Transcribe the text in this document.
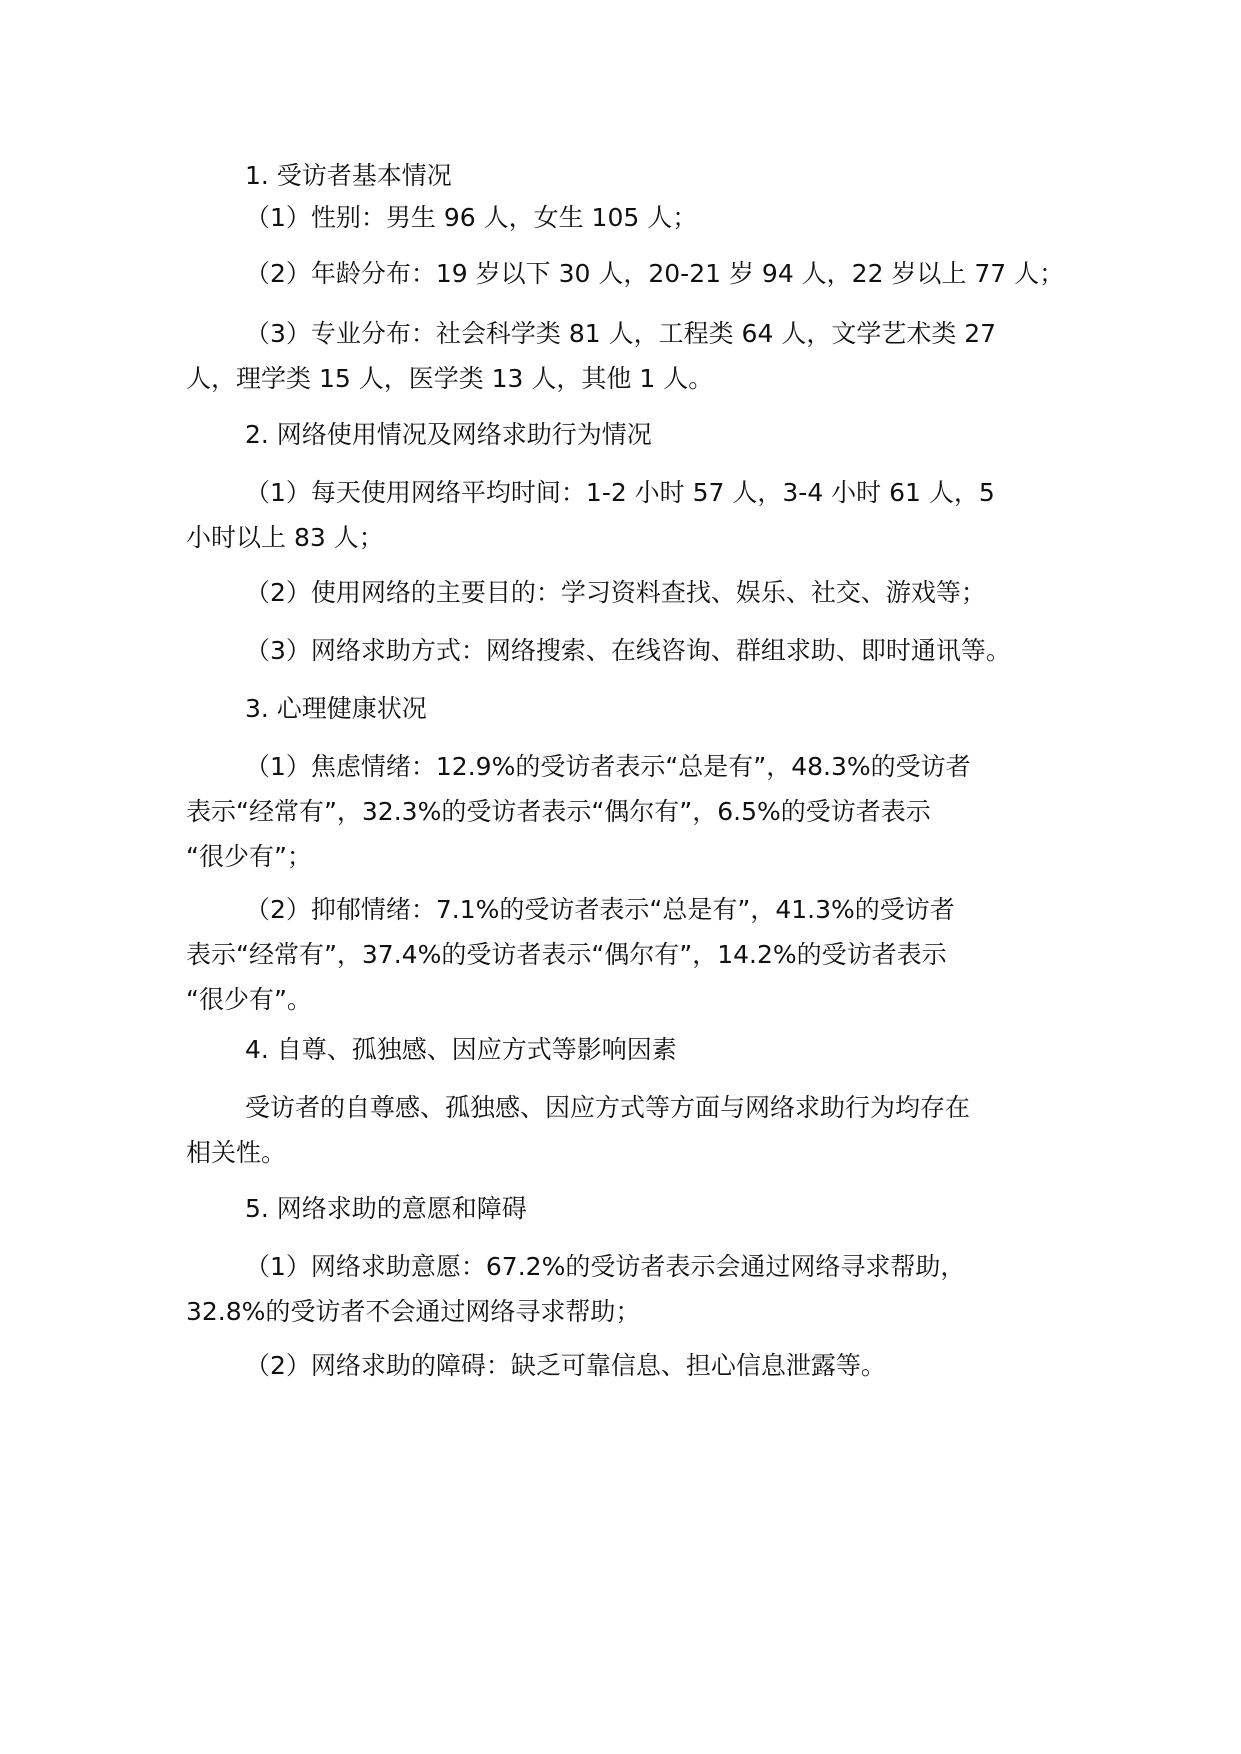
1. 受访者基本情况

（1）性别：男生 96 人，女生 105 人；

（2）年龄分布：19 岁以下 30 人，20-21 岁 94 人，22 岁以上 77 人；

（3）专业分布：社会科学类 81 人，工程类 64 人，文学艺术类 27
人，理学类 15 人，医学类 13 人，其他 1 人。

2. 网络使用情况及网络求助行为情况

（1）每天使用网络平均时间：1-2 小时 57 人，3-4 小时 61 人，5
小时以上 83 人；

（2）使用网络的主要目的：学习资料查找、娱乐、社交、游戏等；

（3）网络求助方式：网络搜索、在线咨询、群组求助、即时通讯等。

3. 心理健康状况

（1）焦虑情绪：12.9%的受访者表示“总是有”，48.3%的受访者
表示“经常有”，32.3%的受访者表示“偶尔有”，6.5%的受访者表示
“很少有”；

（2）抑郁情绪：7.1%的受访者表示“总是有”，41.3%的受访者
表示“经常有”，37.4%的受访者表示“偶尔有”，14.2%的受访者表示
“很少有”。

4. 自尊、孤独感、因应方式等影响因素

受访者的自尊感、孤独感、因应方式等方面与网络求助行为均存在
相关性。

5. 网络求助的意愿和障碍

（1）网络求助意愿：67.2%的受访者表示会通过网络寻求帮助，
32.8%的受访者不会通过网络寻求帮助；

（2）网络求助的障碍：缺乏可靠信息、担心信息泄露等。
